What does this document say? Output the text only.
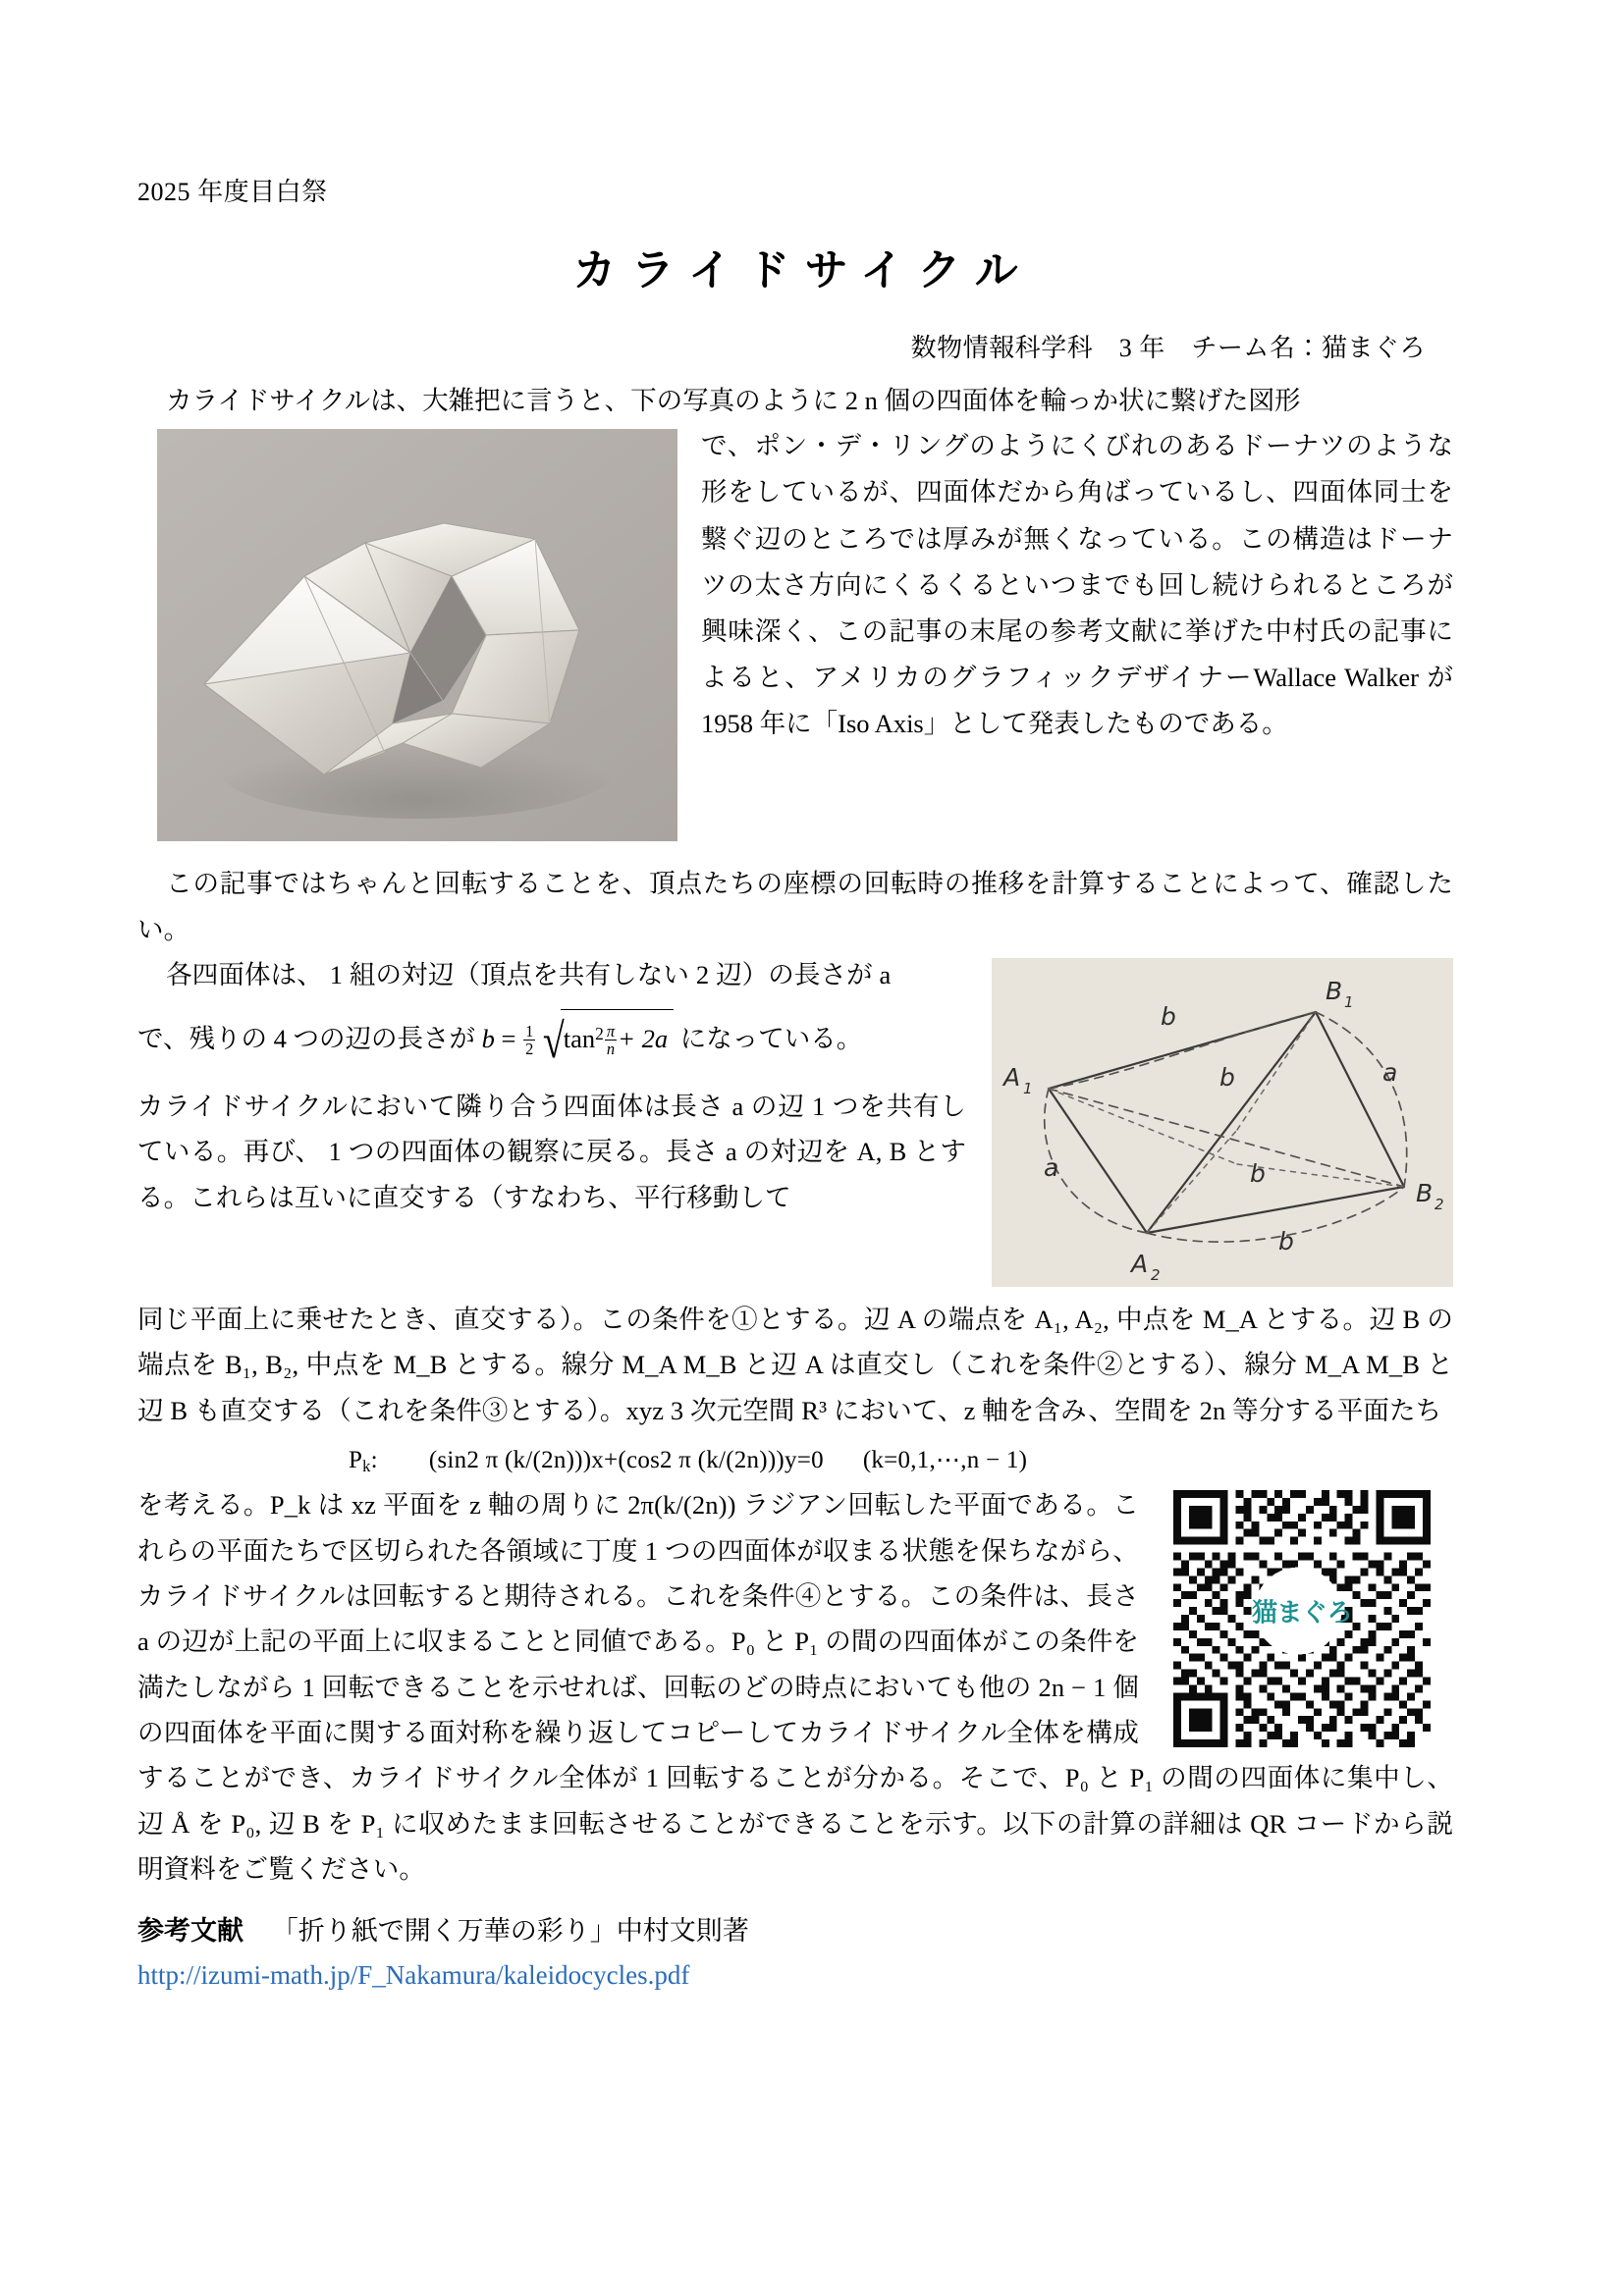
2025 年度目白祭
カライドサイクル
数物情報科学科　3 年　チーム名：猫まぐろ
カライドサイクルは、大雑把に言うと、下の写真のように 2 n 個の四面体を輪っか状に繋げた図形
で、ポン・デ・リングのようにくびれのあるドーナツのような形をしているが、四面体だから角ばっているし、四面体同士を繋ぐ辺のところでは厚みが無くなっている。この構造はドーナツの太さ方向にくるくるといつまでも回し続けられるところが興味深く、この記事の末尾の参考文献に挙げた中村氏の記事によると、アメリカのグラフィックデザイナーWallace Walker が 1958 年に「Iso Axis」として発表したものである。
この記事ではちゃんと回転することを、頂点たちの座標の回転時の推移を計算することによって、確認したい。
A 1
A 2
B 1
B 2
b
b
b
b
a
a
各四面体は、 1 組の対辺（頂点を共有しない 2 辺）の長さが a
で、残りの 4 つの辺の長さが $b = \frac{1}{2} √\tan^2 \frac{\pi}{n} + 2a$ になっている。
カライドサイクルにおいて隣り合う四面体は長さ a の辺 1 つを共有している。再び、 1 つの四面体の観察に戻る。長さ a の対辺を A, B とする。これらは互いに直交する（すなわち、平行移動して
同じ平面上に乗せたとき、直交する）。この条件を①とする。辺 A の端点を A₁, A₂, 中点を M_A とする。辺 B の端点を B₁, B₂, 中点を M_B とする。線分 M_A M_B と辺 A は直交し（これを条件②とする）、線分 M_A M_B と辺 B も直交する（これを条件③とする）。xyz 3 次元空間 R³ において、z 軸を含み、空間を 2n 等分する平面たち
$P_k$: (sin2 π (k/(2n)))x+(cos2 π (k/(2n)))y=0 (k=0,1,⋯,n − 1)
猫まぐろ
を考える。P_k は xz 平面を z 軸の周りに 2π(k/(2n)) ラジアン回転した平面である。これらの平面たちで区切られた各領域に丁度 1 つの四面体が収まる状態を保ちながら、カライドサイクルは回転すると期待される。これを条件④とする。この条件は、長さ a の辺が上記の平面上に収まることと同値である。P₀ と P₁ の間の四面体がこの条件を満たしながら 1 回転できることを示せれば、回転のどの時点においても他の 2n − 1 個の四面体を平面に関する面対称を繰り返してコピーしてカライドサイクル全体を構成することができ、カライドサイクル全体が 1 回転することが分かる。そこで、P₀ と P₁ の間の四面体に集中し、辺 Å を P₀, 辺 B を P₁ に収めたまま回転させることができることを示す。以下の計算の詳細は QR コードから説明資料をご覧ください。
参考文献 「折り紙で開く万華の彩り」中村文則著
http://izumi-math.jp/F_Nakamura/kaleidocycles.pdf
